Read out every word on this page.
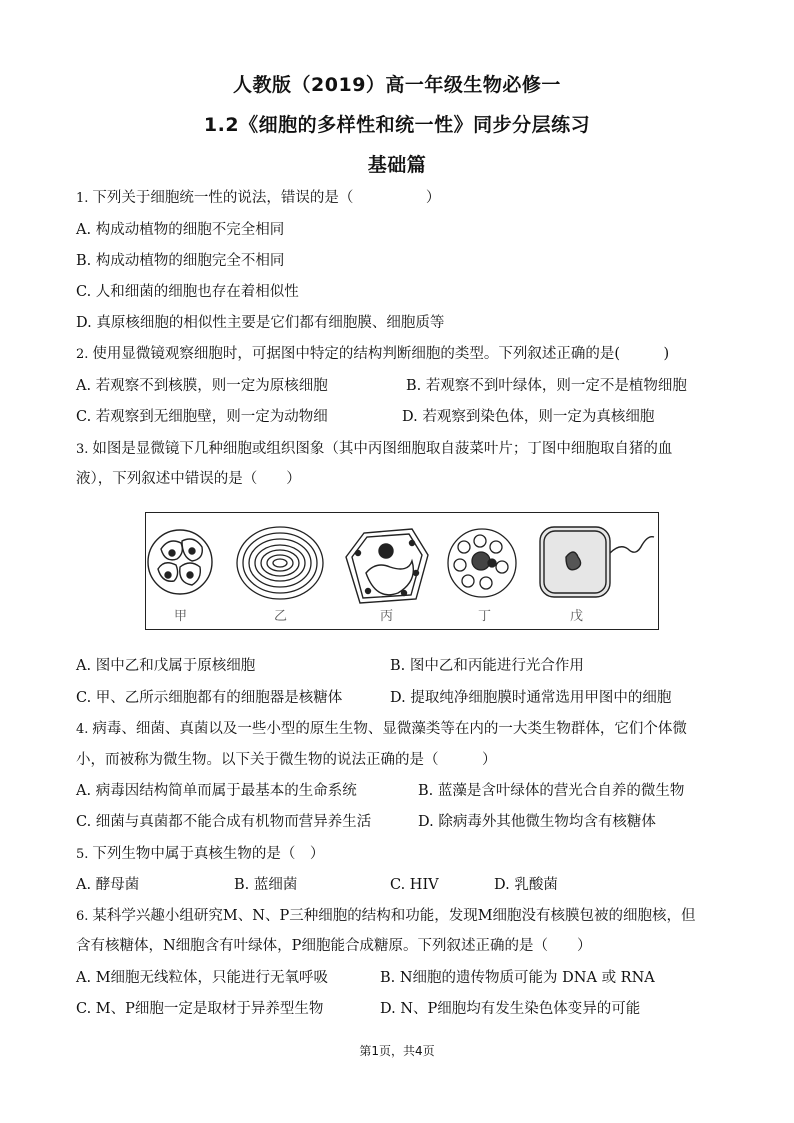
人教版（2019）高一年级生物必修一
1.2《细胞的多样性和统一性》同步分层练习
基础篇
1. 下列关于细胞统一性的说法，错误的是（　　　　　）
A. 构成动植物的细胞不完全相同
B. 构成动植物的细胞完全不相同
C. 人和细菌的细胞也存在着相似性
D. 真原核细胞的相似性主要是它们都有细胞膜、细胞质等
2. 使用显微镜观察细胞时，可据图中特定的结构判断细胞的类型。下列叙述正确的是(　　　)
A. 若观察不到核膜，则一定为原核细胞	B. 若观察不到叶绿体，则一定不是植物细胞
C. 若观察到无细胞壁，则一定为动物细	D. 若观察到染色体，则一定为真核细胞
3. 如图是显微镜下几种细胞或组织图象（其中丙图细胞取自菠菜叶片；丁图中细胞取自猪的血
液），下列叙述中错误的是（　　）
甲	乙	丙	丁	戊
A. 图中乙和戊属于原核细胞	B. 图中乙和丙能进行光合作用
C. 甲、乙所示细胞都有的细胞器是核糖体	D. 提取纯净细胞膜时通常选用甲图中的细胞
4. 病毒、细菌、真菌以及一些小型的原生生物、显微藻类等在内的一大类生物群体，它们个体微
小，而被称为微生物。以下关于微生物的说法正确的是（　　　）
A. 病毒因结构简单而属于最基本的生命系统	B. 蓝藻是含叶绿体的营光合自养的微生物
C. 细菌与真菌都不能合成有机物而营异养生活	D. 除病毒外其他微生物均含有核糖体
5. 下列生物中属于真核生物的是（　）
A. 酵母菌	B. 蓝细菌	C. HIV	D. 乳酸菌
6. 某科学兴趣小组研究M、N、P三种细胞的结构和功能，发现M细胞没有核膜包被的细胞核，但
含有核糖体，N细胞含有叶绿体，P细胞能合成糖原。下列叙述正确的是（　　）
A. M细胞无线粒体，只能进行无氧呼吸	B. N细胞的遗传物质可能为 DNA 或 RNA
C. M、P细胞一定是取材于异养型生物	D. N、P细胞均有发生染色体变异的可能
第1页，共4页
